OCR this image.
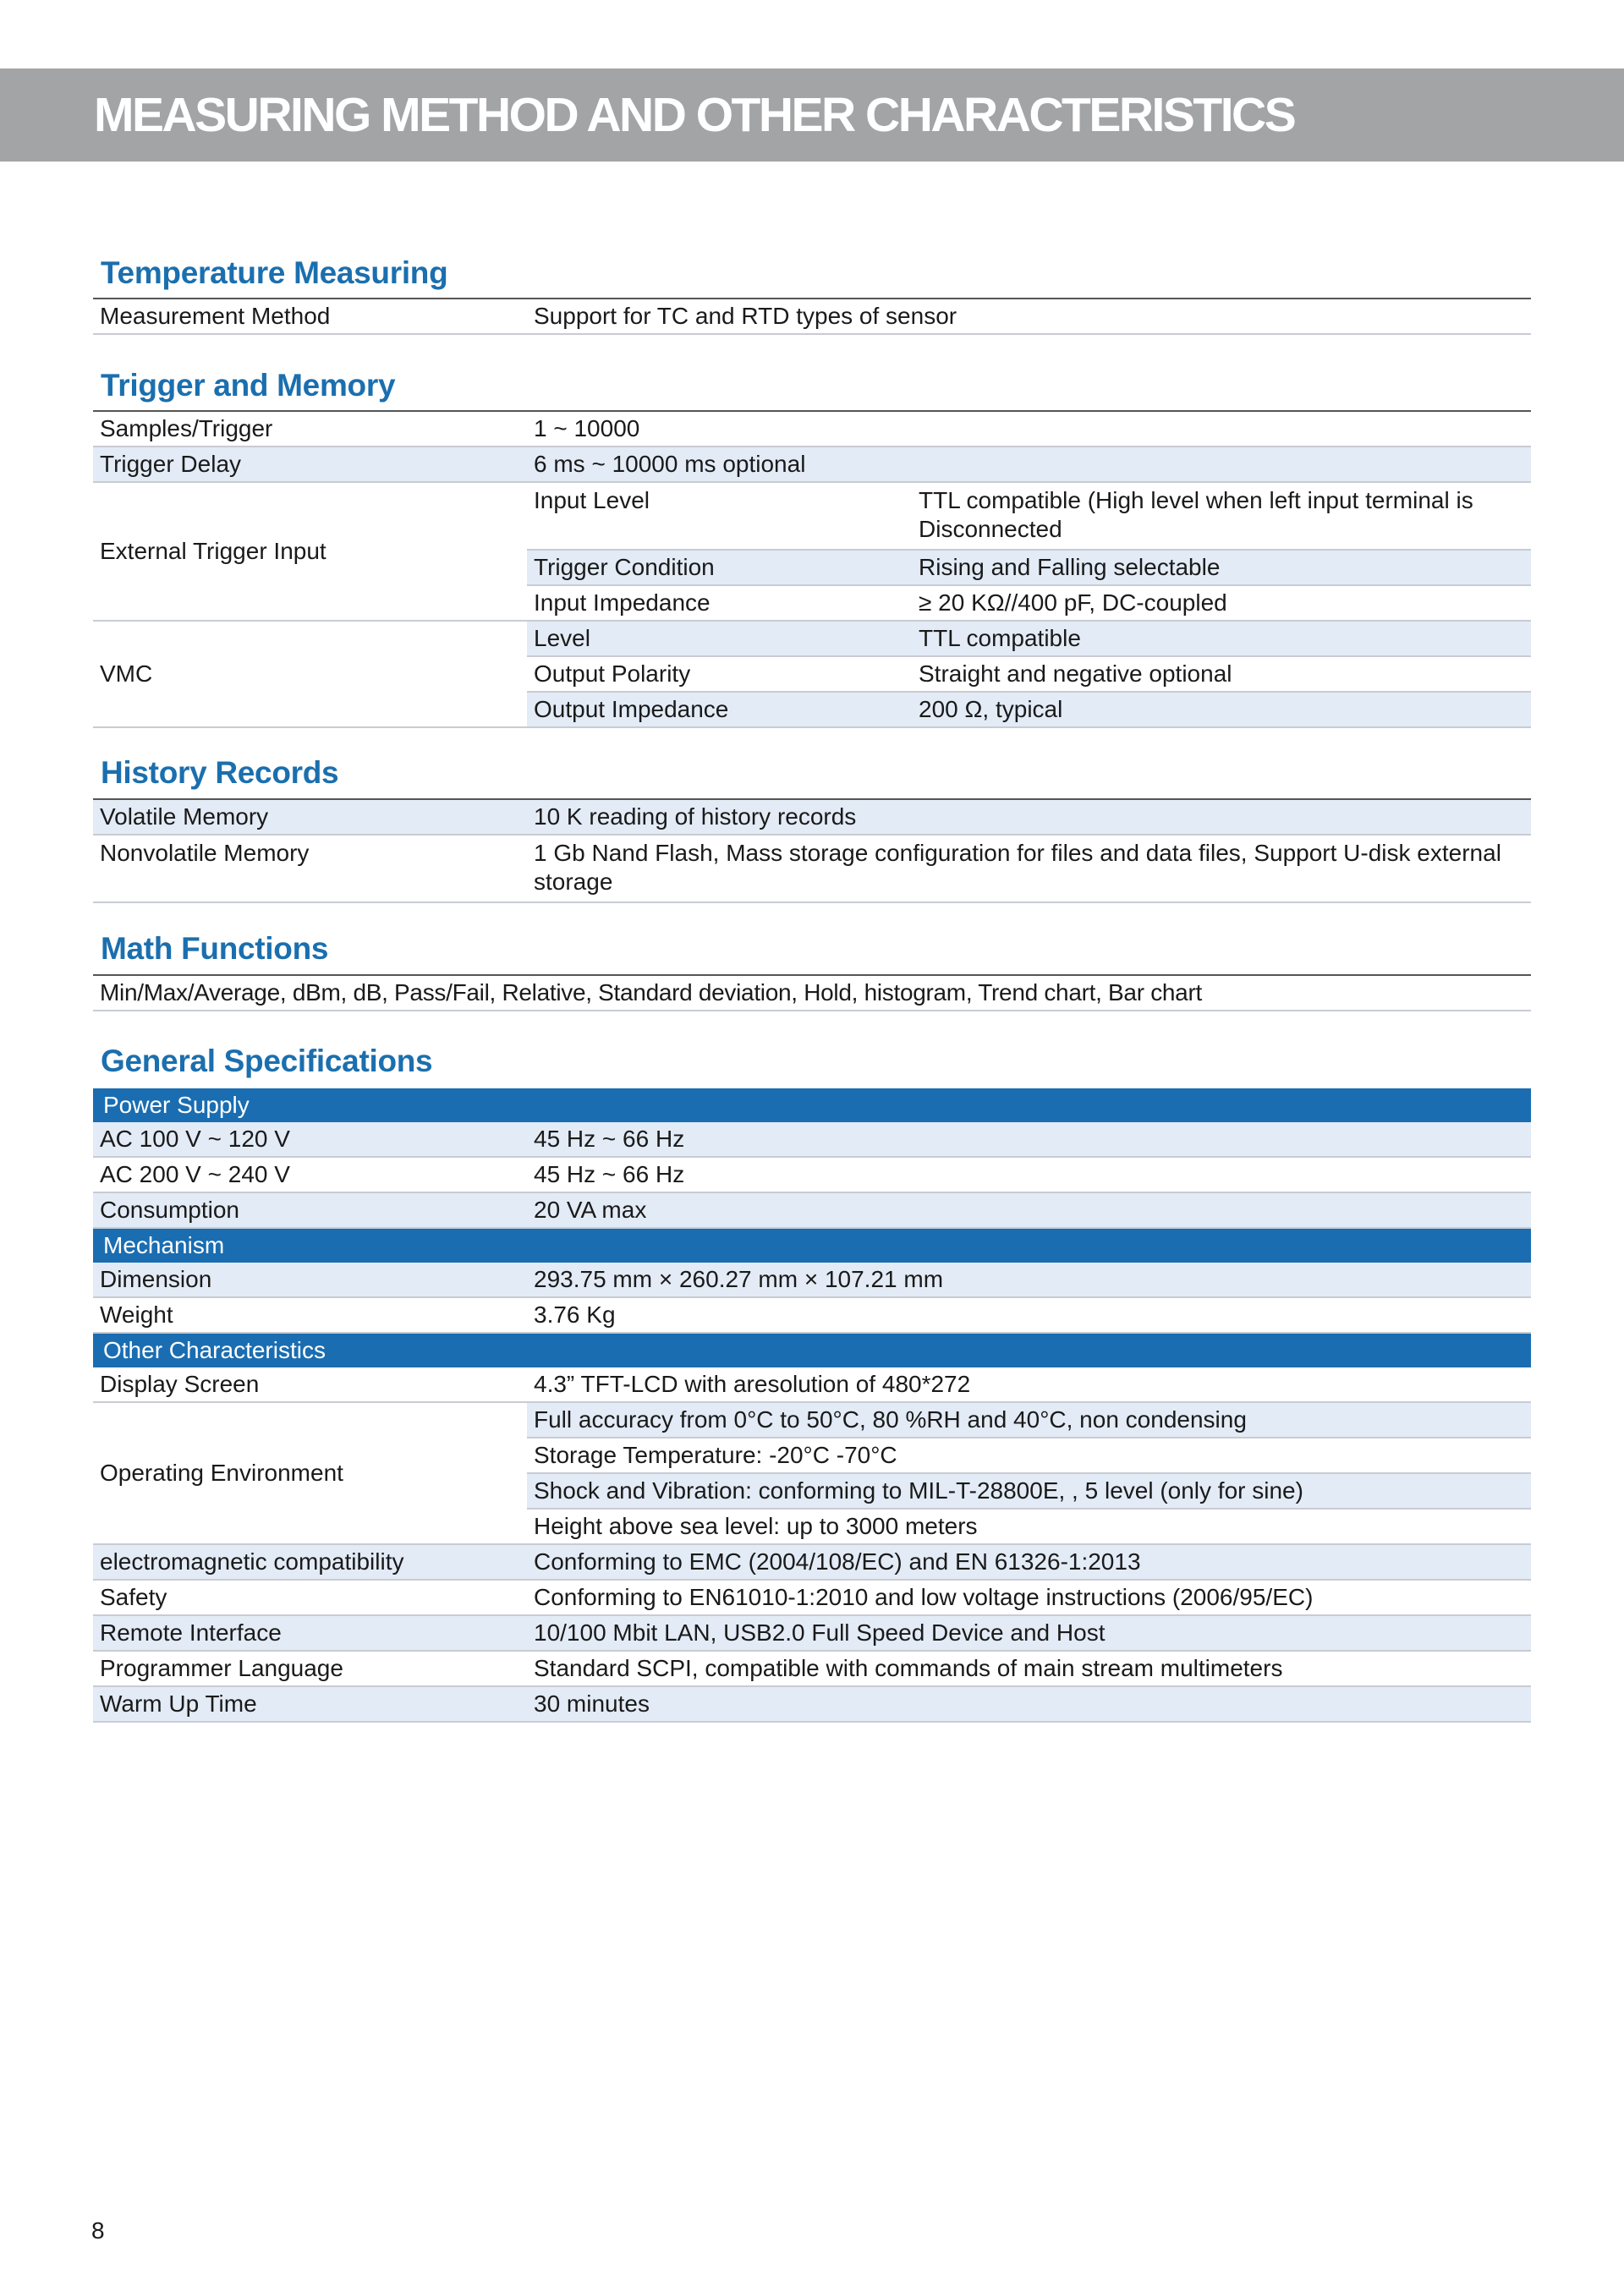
MEASURING METHOD AND OTHER CHARACTERISTICS
Temperature Measuring
Measurement Method	Support for TC and RTD types of sensor
Trigger and Memory
Samples/Trigger	1 ~ 10000	
Trigger Delay	6 ms ~ 10000 ms optional	
External Trigger Input	Input Level	TTL compatible (High level when left input terminal is Disconnected
	Trigger Condition	Rising and Falling selectable
	Input Impedance	≥ 20 KΩ//400 pF, DC-coupled
VMC	Level	TTL compatible
	Output Polarity	Straight and negative optional
	Output Impedance	200 Ω, typical
History Records
Volatile Memory	10 K reading of history records
Nonvolatile Memory	1 Gb Nand Flash, Mass storage configuration for files and data files, Support U-disk external storage
Math Functions
Min/Max/Average, dBm, dB, Pass/Fail, Relative, Standard deviation, Hold, histogram, Trend chart, Bar chart
General Specifications
Power Supply	
AC 100 V ~ 120 V	45 Hz ~ 66 Hz
AC 200 V ~ 240 V	45 Hz ~ 66 Hz
Consumption	20 VA max
Mechanism	
Dimension	293.75 mm × 260.27 mm × 107.21 mm
Weight	3.76 Kg
Other Characteristics	
Display Screen	4.3” TFT-LCD with aresolution of 480*272
Operating Environment	Full accuracy from 0°C to 50°C, 80 %RH and 40°C, non condensing
	Storage Temperature: -20°C -70°C
	Shock and Vibration: conforming to MIL-T-28800E, , 5 level (only for sine)
	Height above sea level: up to 3000 meters
electromagnetic compatibility	Conforming to EMC (2004/108/EC) and EN 61326-1:2013
Safety	Conforming to EN61010-1:2010 and low voltage instructions (2006/95/EC)
Remote Interface	10/100 Mbit LAN, USB2.0 Full Speed Device and Host
Programmer Language	Standard SCPI, compatible with commands of main stream multimeters
Warm Up Time	30 minutes
8
